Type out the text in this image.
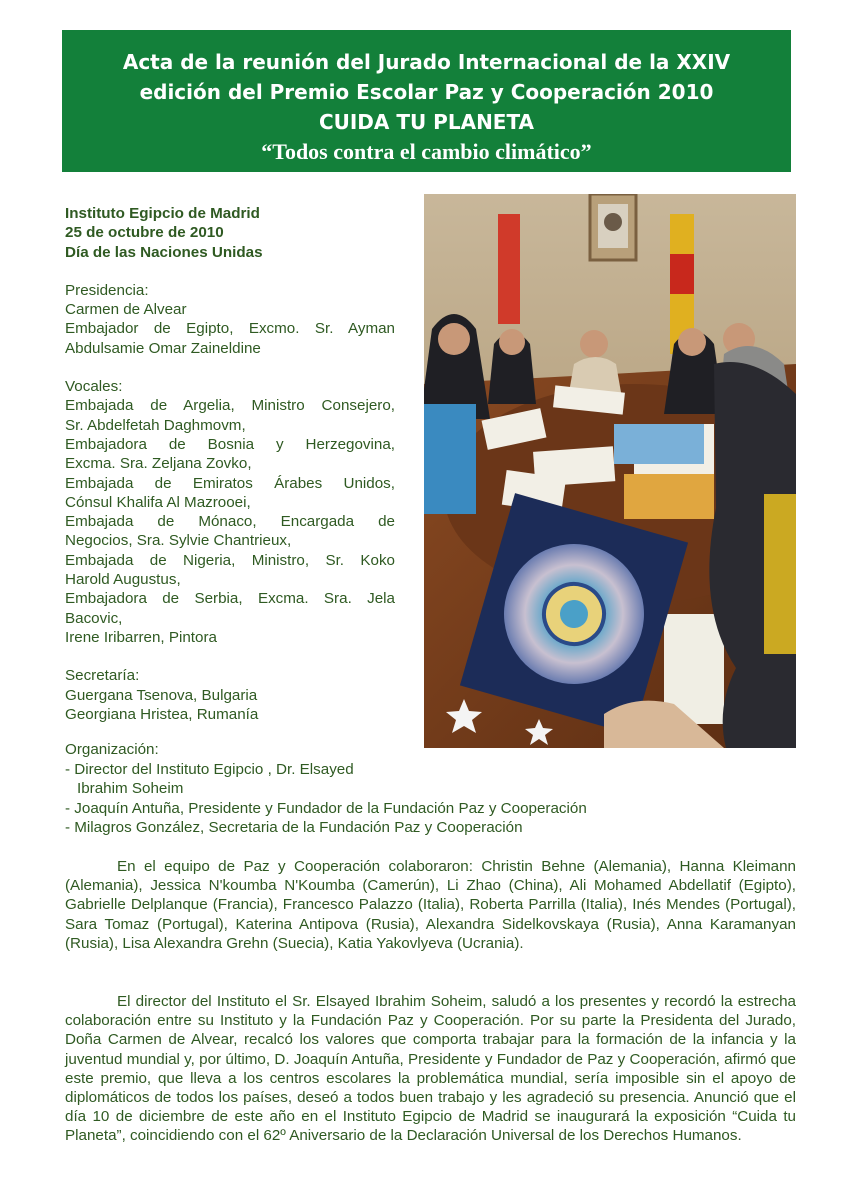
Acta de la reunión del Jurado Internacional de la XXIV
edición del Premio Escolar Paz y Cooperación 2010
CUIDA TU PLANETA
“Todos contra el cambio climático”

Instituto Egipcio de Madrid

25 de octubre de 2010

Día de las Naciones Unidas

Presidencia:

Carmen de Alvear

Embajador de Egipto, Excmo. Sr. Ayman

Abdulsamie Omar Zaineldine

Vocales:

Embajada de Argelia, Ministro Consejero,

Sr. Abdelfetah Daghmovm,

Embajadora de Bosnia y Herzegovina,

Excma. Sra. Zeljana Zovko,

Embajada de Emiratos Árabes Unidos,

Cónsul Khalifa Al Mazrooei,

Embajada de Mónaco, Encargada de

Negocios, Sra. Sylvie Chantrieux,

Embajada de Nigeria, Ministro, Sr. Koko

Harold Augustus,

Embajadora de Serbia, Excma. Sra. Jela

Bacovic,

Irene Iribarren, Pintora

Secretaría:

Guergana Tsenova, Bulgaria

Georgiana Hristea, Rumanía

Organización:

- Director del Instituto Egipcio , Dr. Elsayed Ibrahim Soheim

- Joaquín Antuña, Presidente y Fundador de la Fundación Paz y Cooperación

- Milagros González, Secretaria de la Fundación Paz y Cooperación

En el equipo de Paz y Cooperación colaboraron: Christin Behne (Alemania), Hanna Kleimann (Alemania), Jessica N'koumba N'Koumba (Camerún), Li Zhao (China), Ali Mohamed Abdellatif (Egipto), Gabrielle Delplanque (Francia), Francesco Palazzo (Italia), Roberta Parrilla (Italia), Inés Mendes (Portugal), Sara Tomaz (Portugal), Katerina Antipova (Rusia), Alexandra Sidelkovskaya (Rusia), Anna Karamanyan (Rusia), Lisa Alexandra Grehn (Suecia), Katia Yakovlyeva (Ucrania).

El director del Instituto el Sr. Elsayed Ibrahim Soheim, saludó a los presentes y recordó la estrecha colaboración entre su Instituto y la Fundación Paz y Cooperación. Por su parte la Presidenta del Jurado, Doña Carmen de Alvear, recalcó los valores que comporta trabajar para la formación de la infancia y la juventud mundial y, por último, D. Joaquín Antuña, Presidente y Fundador de Paz y Cooperación, afirmó que este premio, que lleva a los centros escolares la problemática mundial, sería imposible sin el apoyo de diplomáticos de todos los países, deseó a todos buen trabajo y les agradeció su presencia. Anunció que el día 10 de diciembre de este año en el Instituto Egipcio de Madrid se inaugurará la exposición “Cuida tu Planeta”, coincidiendo con el 62º Aniversario de la Declaración Universal de los Derechos Humanos.
